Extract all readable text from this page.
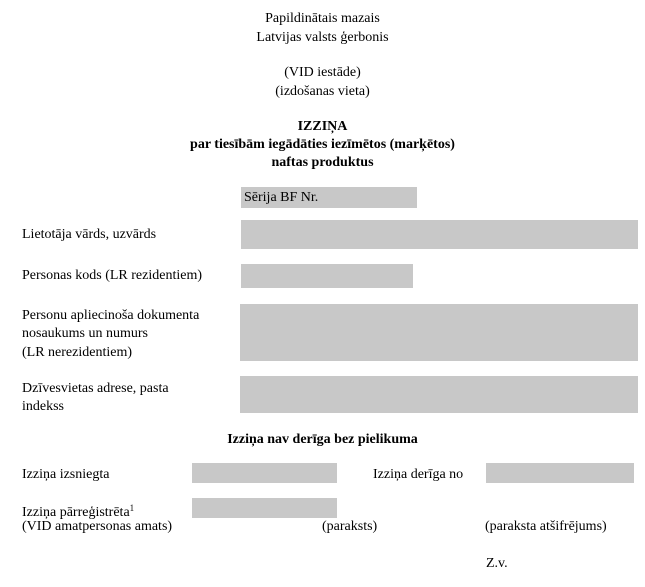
Papildinātais mazais
Latvijas valsts ģerbonis
(VID iestāde)
(izdošanas vieta)
IZZIŅA
par tiesībām iegādāties iezīmētos (marķētos)
naftas produktus
Sērija BF Nr.
Lietotāja vārds, uzvārds
Personas kods (LR rezidentiem)
Personu apliecinoša dokumenta
nosaukums un numurs
(LR nerezidentiem)
Dzīvesvietas adrese, pasta
indekss
Izziņa nav derīga bez pielikuma
Izziņa izsniegta	Izziņa derīga no
Izziņa pārreģistrēta$^1$
(VID amatpersonas amats)	(paraksts)	(paraksta atšifrējums)
Z.v.
